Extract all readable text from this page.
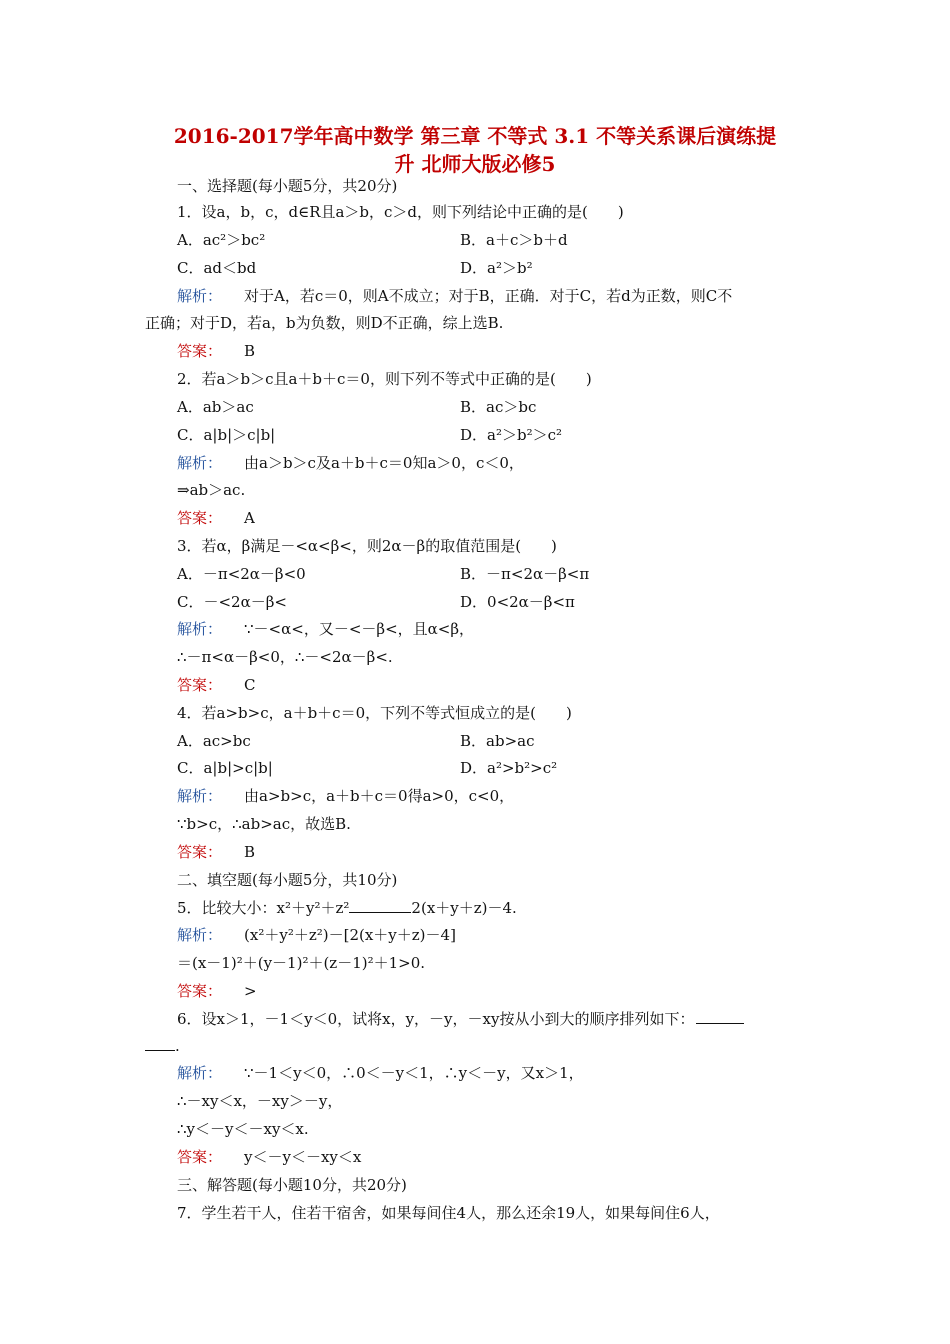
2016-2017学年高中数学 第三章 不等式 3.1 不等关系课后演练提
升 北师大版必修5

一、选择题(每小题5分，共20分)

1．设a，b，c，d∈R且a＞b，c＞d，则下列结论中正确的是(　　)

A．ac²＞bc²	B．a＋c＞b＋d

C．ad＜bd	D．a²＞b²

解析： 对于A，若c＝0，则A不成立；对于B，正确．对于C，若d为正数，则C不

正确；对于D，若a，b为负数，则D不正确，综上选B.

答案： B

2．若a＞b＞c且a＋b＋c＝0，则下列不等式中正确的是(　　)

A．ab＞ac	B．ac＞bc

C．a|b|＞c|b|	D．a²＞b²＞c²

解析： 由a＞b＞c及a＋b＋c＝0知a＞0，c＜0，

⇒ab＞ac.

答案： A

3．若α，β满足－<α<β<，则2α－β的取值范围是(　　)

A．－π<2α－β<0	B．－π<2α－β<π

C．－<2α－β<	D．0<2α－β<π

解析： ∵－<α<，又－<－β<，且α<β，

∴－π<α－β<0，∴－<2α－β<.

答案： C

4．若a>b>c，a＋b＋c＝0，下列不等式恒成立的是(　　)

A．ac>bc	B．ab>ac

C．a|b|>c|b|	D．a²>b²>c²

解析： 由a>b>c，a＋b＋c＝0得a>0，c<0，

∵b>c，∴ab>ac，故选B.

答案： B

二、填空题(每小题5分，共10分)

5．比较大小：x²＋y²＋z²	2(x＋y＋z)－4.

解析： (x²＋y²＋z²)－[2(x＋y＋z)－4]

＝(x－1)²＋(y－1)²＋(z－1)²＋1>0.

答案： >

6．设x＞1，－1＜y＜0，试将x，y，－y，－xy按从小到大的顺序排列如下：

.

解析： ∵－1＜y＜0，∴0＜－y＜1，∴y＜－y，又x＞1，

∴－xy＜x，－xy＞－y，

∴y＜－y＜－xy＜x.

答案： y＜－y＜－xy＜x

三、解答题(每小题10分，共20分)

7．学生若干人，住若干宿舍，如果每间住4人，那么还余19人，如果每间住6人，
